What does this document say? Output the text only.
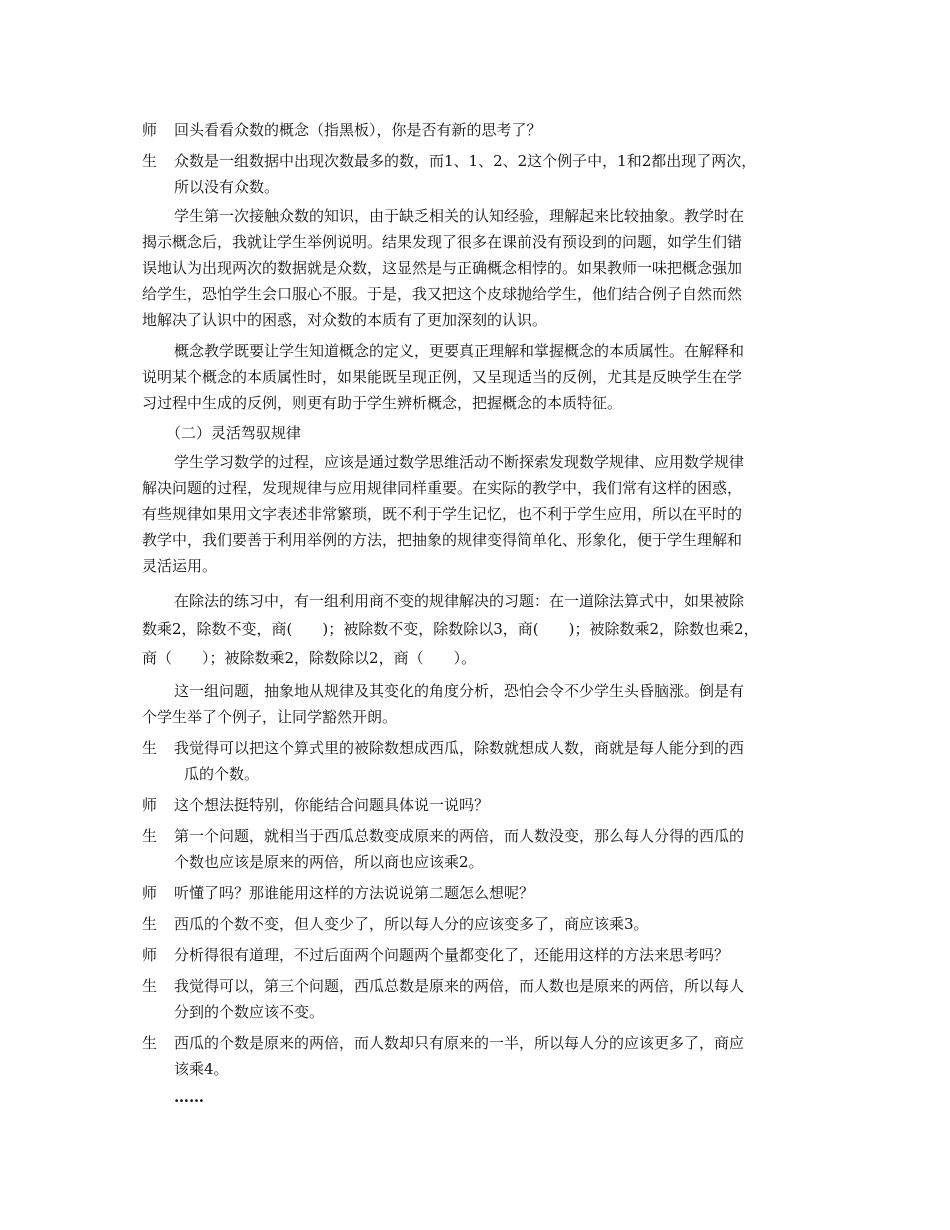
师 回头看看众数的概念（指黑板），你是否有新的思考了？
生 众数是一组数据中出现次数最多的数，而1、1、2、2这个例子中，1和2都出现了两次，
所以没有众数。
学生第一次接触众数的知识，由于缺乏相关的认知经验，理解起来比较抽象。教学时在
揭示概念后，我就让学生举例说明。结果发现了很多在课前没有预设到的问题，如学生们错
误地认为出现两次的数据就是众数，这显然是与正确概念相悖的。如果教师一味把概念强加
给学生，恐怕学生会口服心不服。于是，我又把这个皮球抛给学生，他们结合例子自然而然
地解决了认识中的困惑，对众数的本质有了更加深刻的认识。
概念教学既要让学生知道概念的定义，更要真正理解和掌握概念的本质属性。在解释和
说明某个概念的本质属性时，如果能既呈现正例，又呈现适当的反例，尤其是反映学生在学
习过程中生成的反例，则更有助于学生辨析概念，把握概念的本质特征。
（二）灵活驾驭规律
学生学习数学的过程，应该是通过数学思维活动不断探索发现数学规律、应用数学规律
解决问题的过程，发现规律与应用规律同样重要。在实际的教学中，我们常有这样的困惑，
有些规律如果用文字表述非常繁琐，既不利于学生记忆，也不利于学生应用，所以在平时的
教学中，我们要善于利用举例的方法，把抽象的规律变得简单化、形象化，便于学生理解和
灵活运用。
在除法的练习中，有一组利用商不变的规律解决的习题：在一道除法算式中，如果被除
数乘2，除数不变，商(　　)；被除数不变，除数除以3，商(　　)；被除数乘2，除数也乘2，
商（　　）；被除数乘2，除数除以2，商（　　）。
这一组问题，抽象地从规律及其变化的角度分析，恐怕会令不少学生头昏脑涨。倒是有
个学生举了个例子，让同学豁然开朗。
生 我觉得可以把这个算式里的被除数想成西瓜，除数就想成人数，商就是每人能分到的西
瓜的个数。
师 这个想法挺特别，你能结合问题具体说一说吗？
生 第一个问题，就相当于西瓜总数变成原来的两倍，而人数没变，那么每人分得的西瓜的
个数也应该是原来的两倍，所以商也应该乘2。
师 听懂了吗？那谁能用这样的方法说说第二题怎么想呢？
生 西瓜的个数不变，但人变少了，所以每人分的应该变多了，商应该乘3。
师 分析得很有道理，不过后面两个问题两个量都变化了，还能用这样的方法来思考吗？
生 我觉得可以，第三个问题，西瓜总数是原来的两倍，而人数也是原来的两倍，所以每人
分到的个数应该不变。
生 西瓜的个数是原来的两倍，而人数却只有原来的一半，所以每人分的应该更多了，商应
该乘4。
……
